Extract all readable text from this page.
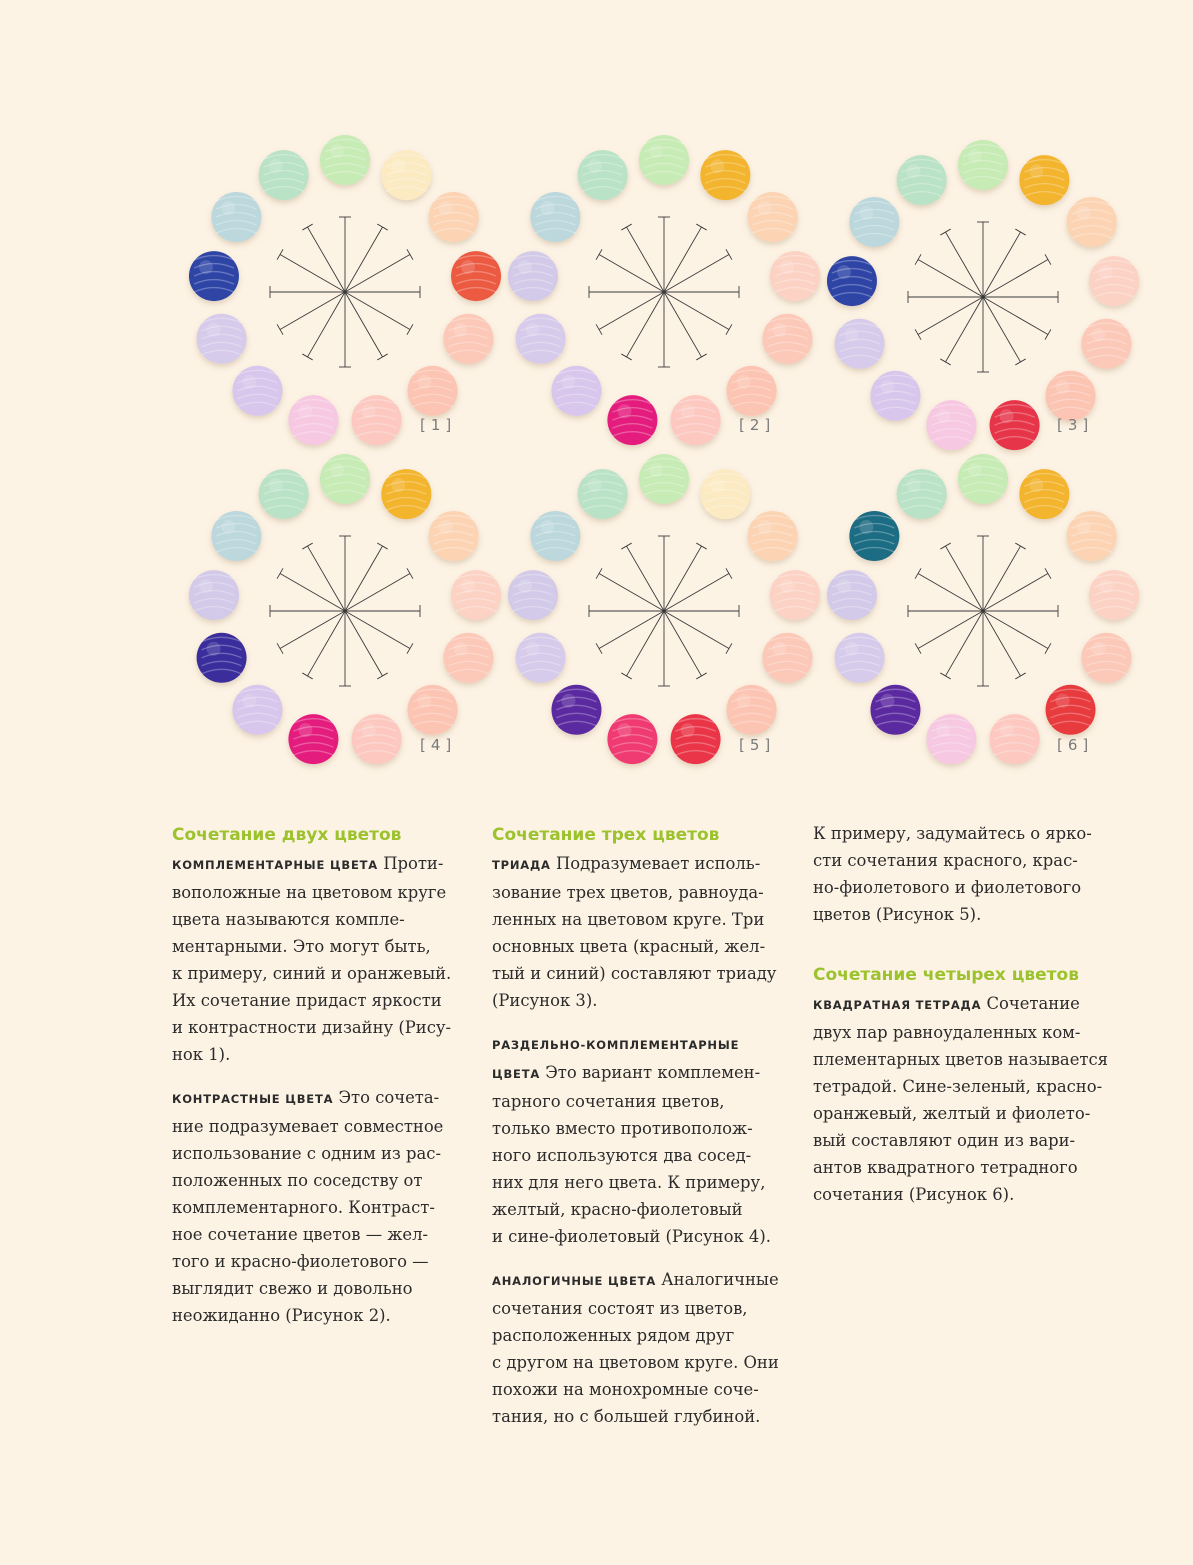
[1]	[2]	[3]
[4]	[5]	[6]
Сочетание двух цветов

КОМПЛЕМЕНТАРНЫЕ ЦВЕТА Проти-
воположные на цветовом круге
цвета называются компле-
ментарными. Это могут быть,
к примеру, синий и оранжевый.
Их сочетание придаст яркости
и контрастности дизайну (Рису-
нок 1).

КОНТРАСТНЫЕ ЦВЕТА Это сочета-
ние подразумевает совместное
использование с одним из рас-
положенных по соседству от
комплементарного. Контраст-
ное сочетание цветов — жел-
того и красно-фиолетового —
выглядит свежо и довольно
неожиданно (Рисунок 2).

Сочетание трех цветов

ТРИАДА Подразумевает исполь-
зование трех цветов, равноуда-
ленных на цветовом круге. Три
основных цвета (красный, жел-
тый и синий) составляют триаду
(Рисунок 3).

РАЗДЕЛЬНО-КОМПЛЕМЕНТАРНЫЕ
ЦВЕТА Это вариант комплемен-
тарного сочетания цветов,
только вместо противополож-
ного используются два сосед-
них для него цвета. К примеру,
желтый, красно-фиолетовый
и сине-фиолетовый (Рисунок 4).

АНАЛОГИЧНЫЕ ЦВЕТА Аналогичные
сочетания состоят из цветов,
расположенных рядом друг
с другом на цветовом круге. Они
похожи на монохромные сочe-
тания, но с большей глубиной.

К примеру, задумайтесь о ярко-
сти сочетания красного, крас-
но-фиолетового и фиолетового
цветов (Рисунок 5).

Сочетание четырех цветов

КВАДРАТНАЯ ТЕТРАДА Сочетание
двух пар равноудаленных ком-
плементарных цветов называется
тетрадой. Сине-зеленый, красно-
оранжевый, желтый и фиолето-
вый составляют один из вари-
антов квадратного тетрадного
сочетания (Рисунок 6).
